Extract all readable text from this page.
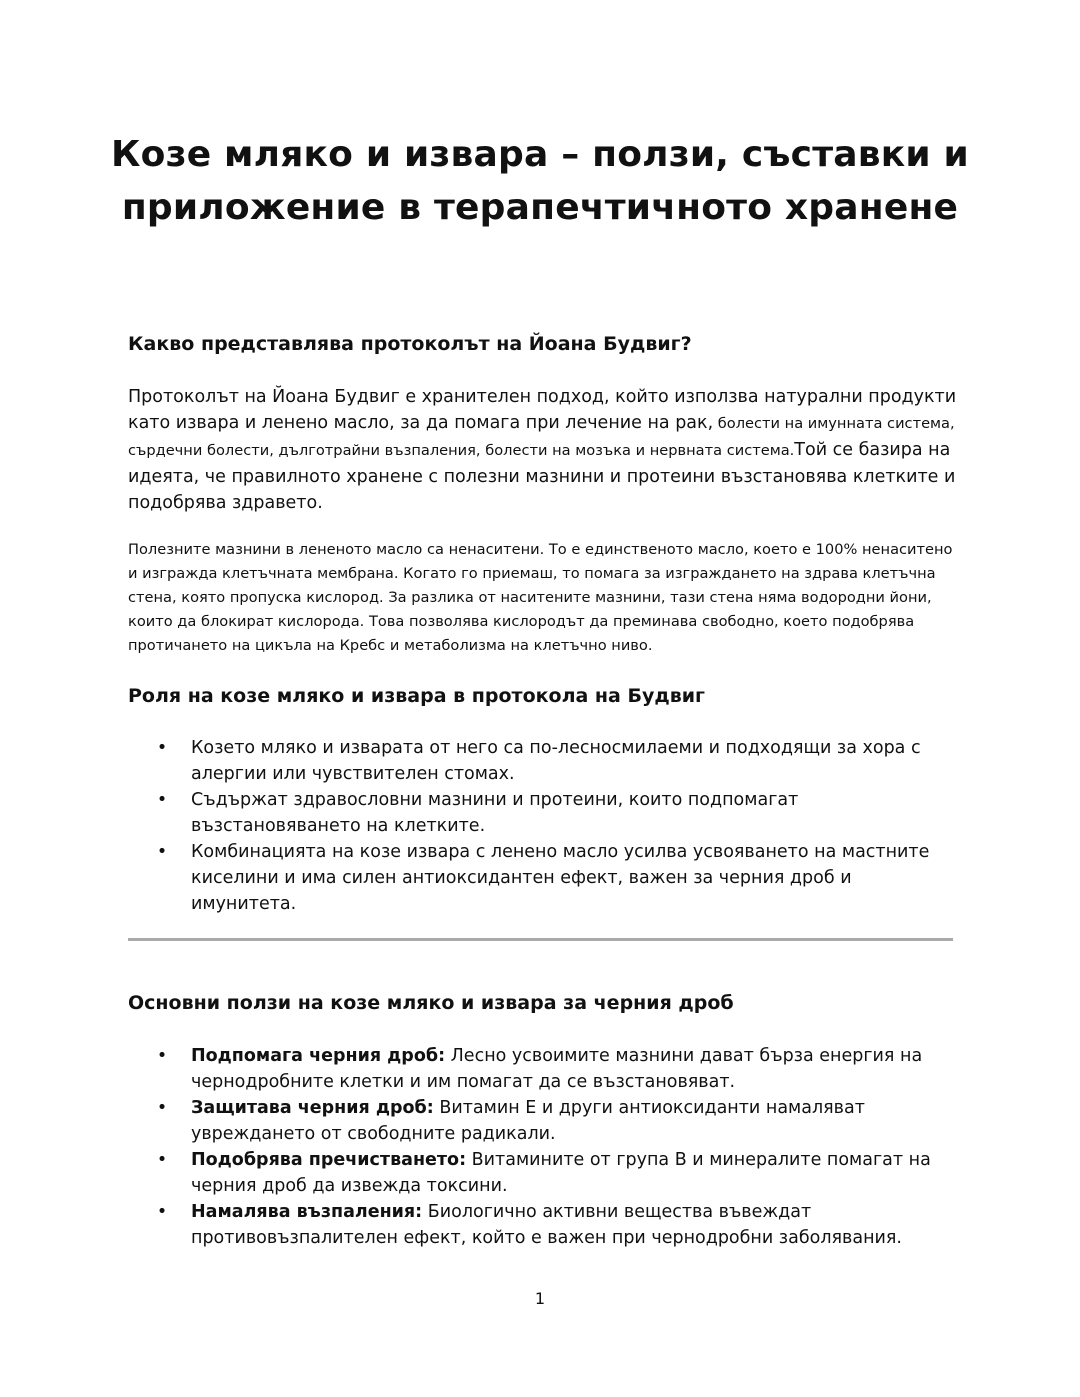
Козе мляко и извара – ползи, съставки и
приложение в терапечтичното хранене
Какво представлява протоколът на Йоана Будвиг?

Протоколът на Йоана Будвиг е хранителен подход, който използва натурални продукти като извара и ленено масло, за да помага при лечение на рак, болести на имунната система, сърдечни болести, дълготрайни възпаления, болести на мозъка и нервната система.Той се базира на идеята, че правилното хранене с полезни мазнини и протеини възстановява клетките и подобрява здравето.

Полезните мазнини в лененото масло са ненаситени. То е единственото масло, което е 100% ненаситено и изгражда клетъчната мембрана. Когато го приемаш, то помага за изграждането на здрава клетъчна стена, която пропуска кислород. За разлика от наситените мазнини, тази стена няма водородни йони, които да блокират кислорода. Това позволява кислородът да преминава свободно, което подобрява протичането на цикъла на Кребс и метаболизма на клетъчно ниво.

Роля на козе мляко и извара в протокола на Будвиг
• Козето мляко и изварата от него са по-лесносмилаеми и подходящи за хора с алергии или чувствителен стомах.
• Съдържат здравословни мазнини и протеини, които подпомагат възстановяването на клетките.
• Комбинацията на козе извара с ленено масло усилва усвояването на мастните киселини и има силен антиоксидантен ефект, важен за черния дроб и имунитета.
Основни ползи на козе мляко и извара за черния дроб
• Подпомага черния дроб: Лесно усвоимите мазнини дават бърза енергия на чернодробните клетки и им помагат да се възстановяват.
• Защитава черния дроб: Витамин Е и други антиоксиданти намаляват увреждането от свободните радикали.
• Подобрява пречистването: Витамините от група B и минералите помагат на черния дроб да извежда токсини.
• Намалява възпаления: Биологично активни вещества въвеждат противовъзпалителен ефект, който е важен при чернодробни заболявания.
1
